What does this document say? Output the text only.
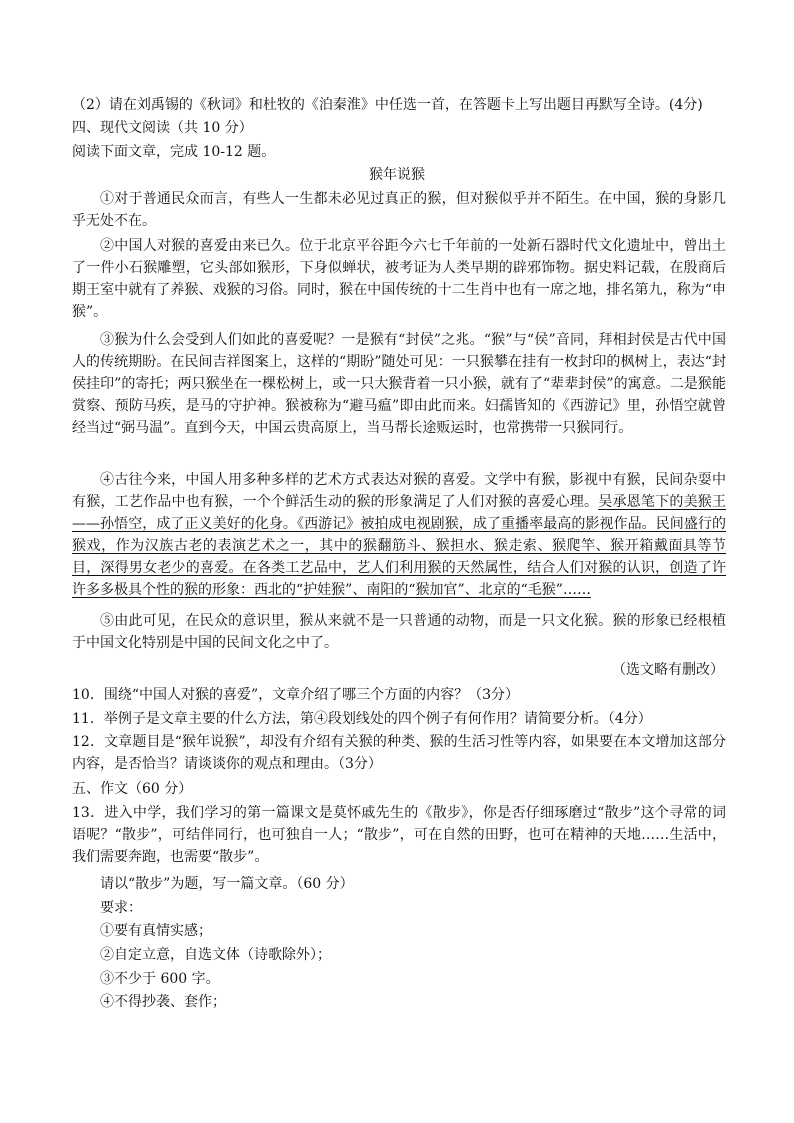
（2）请在刘禹锡的《秋词》和杜牧的《泊秦淮》中任选一首，在答题卡上写出题目再默写全诗。(4分)
四、现代文阅读（共 10 分）
阅读下面文章，完成 10-12 题。
猴年说猴
①对于普通民众而言，有些人一生都未必见过真正的猴，但对猴似乎并不陌生。在中国，猴的身影几乎无处不在。
②中国人对猴的喜爱由来已久。位于北京平谷距今六七千年前的一处新石器时代文化遗址中，曾出土了一件小石猴雕塑，它头部如猴形，下身似蝉状，被考证为人类早期的辟邪饰物。据史料记载，在殷商后期王室中就有了养猴、戏猴的习俗。同时，猴在中国传统的十二生肖中也有一席之地，排名第九，称为“申猴”。
③猴为什么会受到人们如此的喜爱呢？一是猴有“封侯”之兆。“猴”与“侯”音同，拜相封侯是古代中国人的传统期盼。在民间吉祥图案上，这样的“期盼”随处可见：一只猴攀在挂有一枚封印的枫树上，表达“封侯挂印”的寄托；两只猴坐在一棵松树上，或一只大猴背着一只小猴，就有了“辈辈封侯”的寓意。二是猴能赏察、预防马疾，是马的守护神。猴被称为“避马瘟”即由此而来。妇孺皆知的《西游记》里，孙悟空就曾经当过“弼马温”。直到今天，中国云贵高原上，当马帮长途贩运时，也常携带一只猴同行。
④古往今来，中国人用多种多样的艺术方式表达对猴的喜爱。文学中有猴，影视中有猴，民间杂耍中有猴，工艺作品中也有猴，一个个鲜活生动的猴的形象满足了人们对猴的喜爱心理。吴承恩笔下的美猴王——孙悟空，成了正义美好的化身。《西游记》被拍成电视剧猴，成了重播率最高的影视作品。民间盛行的猴戏，作为汉族古老的表演艺术之一，其中的猴翻筋斗、猴担水、猴走索、猴爬竿、猴开箱戴面具等节目，深得男女老少的喜爱。在各类工艺品中，艺人们利用猴的天然属性，结合人们对猴的认识，创造了许许多多极具个性的猴的形象：西北的“护娃猴”、南阳的“猴加官”、北京的“毛猴”……
⑤由此可见，在民众的意识里，猴从来就不是一只普通的动物，而是一只文化猴。猴的形象已经根植于中国文化特别是中国的民间文化之中了。
（选文略有删改）
10．围绕“中国人对猴的喜爱”，文章介绍了哪三个方面的内容？（3分）
11．举例子是文章主要的什么方法，第④段划线处的四个例子有何作用？请简要分析。（4分）
12．文章题目是“猴年说猴”，却没有介绍有关猴的种类、猴的生活习性等内容，如果要在本文增加这部分内容，是否恰当？请谈谈你的观点和理由。（3分）
五、作文（60 分）
13．进入中学，我们学习的第一篇课文是莫怀戚先生的《散步》，你是否仔细琢磨过“散步”这个寻常的词语呢？“散步”，可结伴同行，也可独自一人；“散步”，可在自然的田野，也可在精神的天地……生活中，我们需要奔跑，也需要“散步”。
请以“散步”为题，写一篇文章。（60 分）
要求：
①要有真情实感；
②自定立意，自选文体（诗歌除外）；
③不少于 600 字。
④不得抄袭、套作；
